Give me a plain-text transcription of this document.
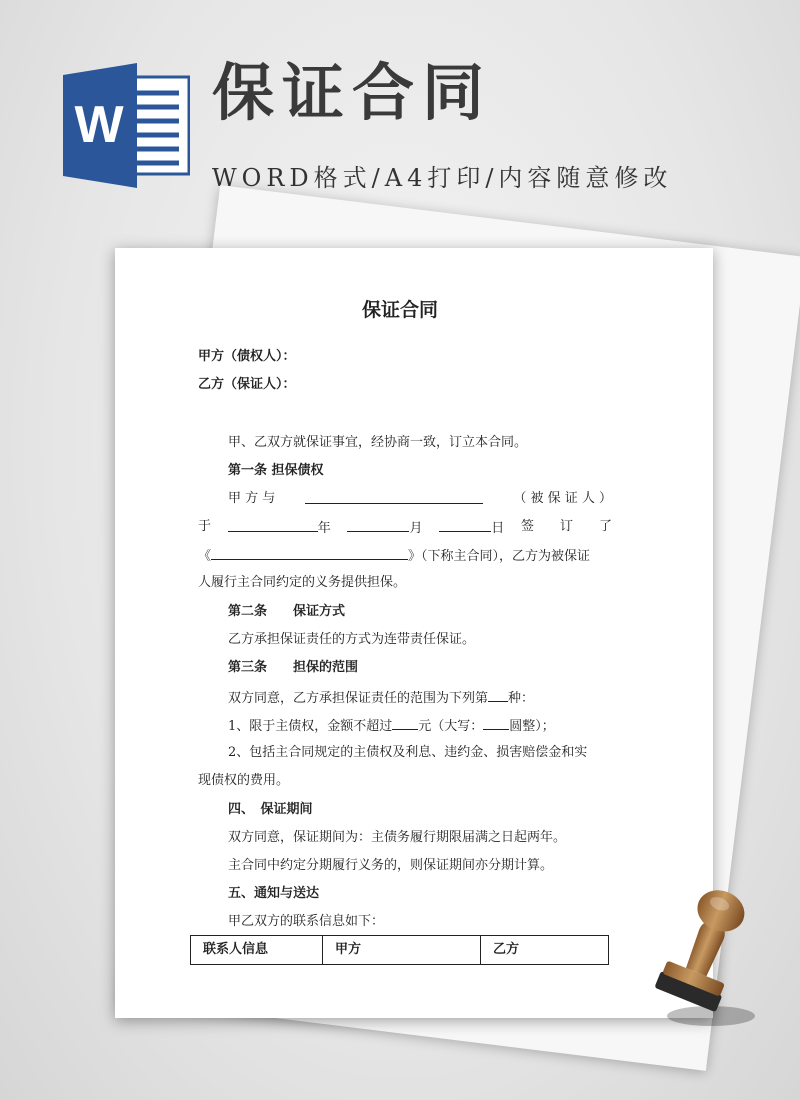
W 保证合同
WORD格式/A4打印/内容随意修改
保证合同
甲方（债权人）：
乙方（保证人）：
甲、乙双方就保证事宜，经协商一致，订立本合同。
第一条 担保债权
甲 方 与	（ 被 保 证 人 ）
于	年	月	日 签　　订　　了
《	》（下称主合同），乙方为被保证
人履行主合同约定的义务提供担保。
第二条　　保证方式
乙方承担保证责任的方式为连带责任保证。
第三条　　担保的范围
双方同意，乙方承担保证责任的范围为下列第 种：
1、限于主债权，金额不超过 元（大写： 圆整）；
2、包括主合同规定的主债权及利息、违约金、损害赔偿金和实
现债权的费用。
四、　保证期间
双方同意，保证期间为：主债务履行期限届满之日起两年。
主合同中约定分期履行义务的，则保证期间亦分期计算。
五、通知与送达
甲乙双方的联系信息如下：
联系人信息	甲方	乙方
